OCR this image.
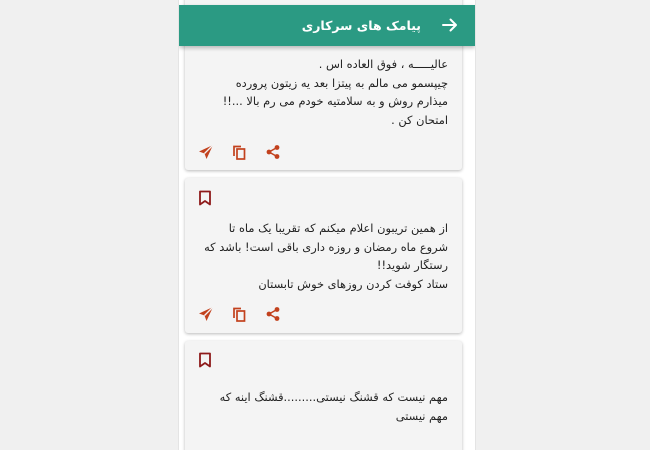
پیامک های سرکاری
عالیـــــه ، فوق العاده اس .
چیپسمو می مالم به پیتزا بعد یه زیتون پرورده میذارم روش و به سلامتیه خودم می رم بالا ...!!
امتحان کن .
از همین تریبون اعلام میکنم که تقریبا یک ماه تا شروع ماه رمضان و روزه داری باقی است! باشد که رستگار شوید!!
ستاد کوفت کردن روزهای خوش تابستان
مهم نیست که قشنگ نیستی.........قشنگ اینه که مهم نیستی
